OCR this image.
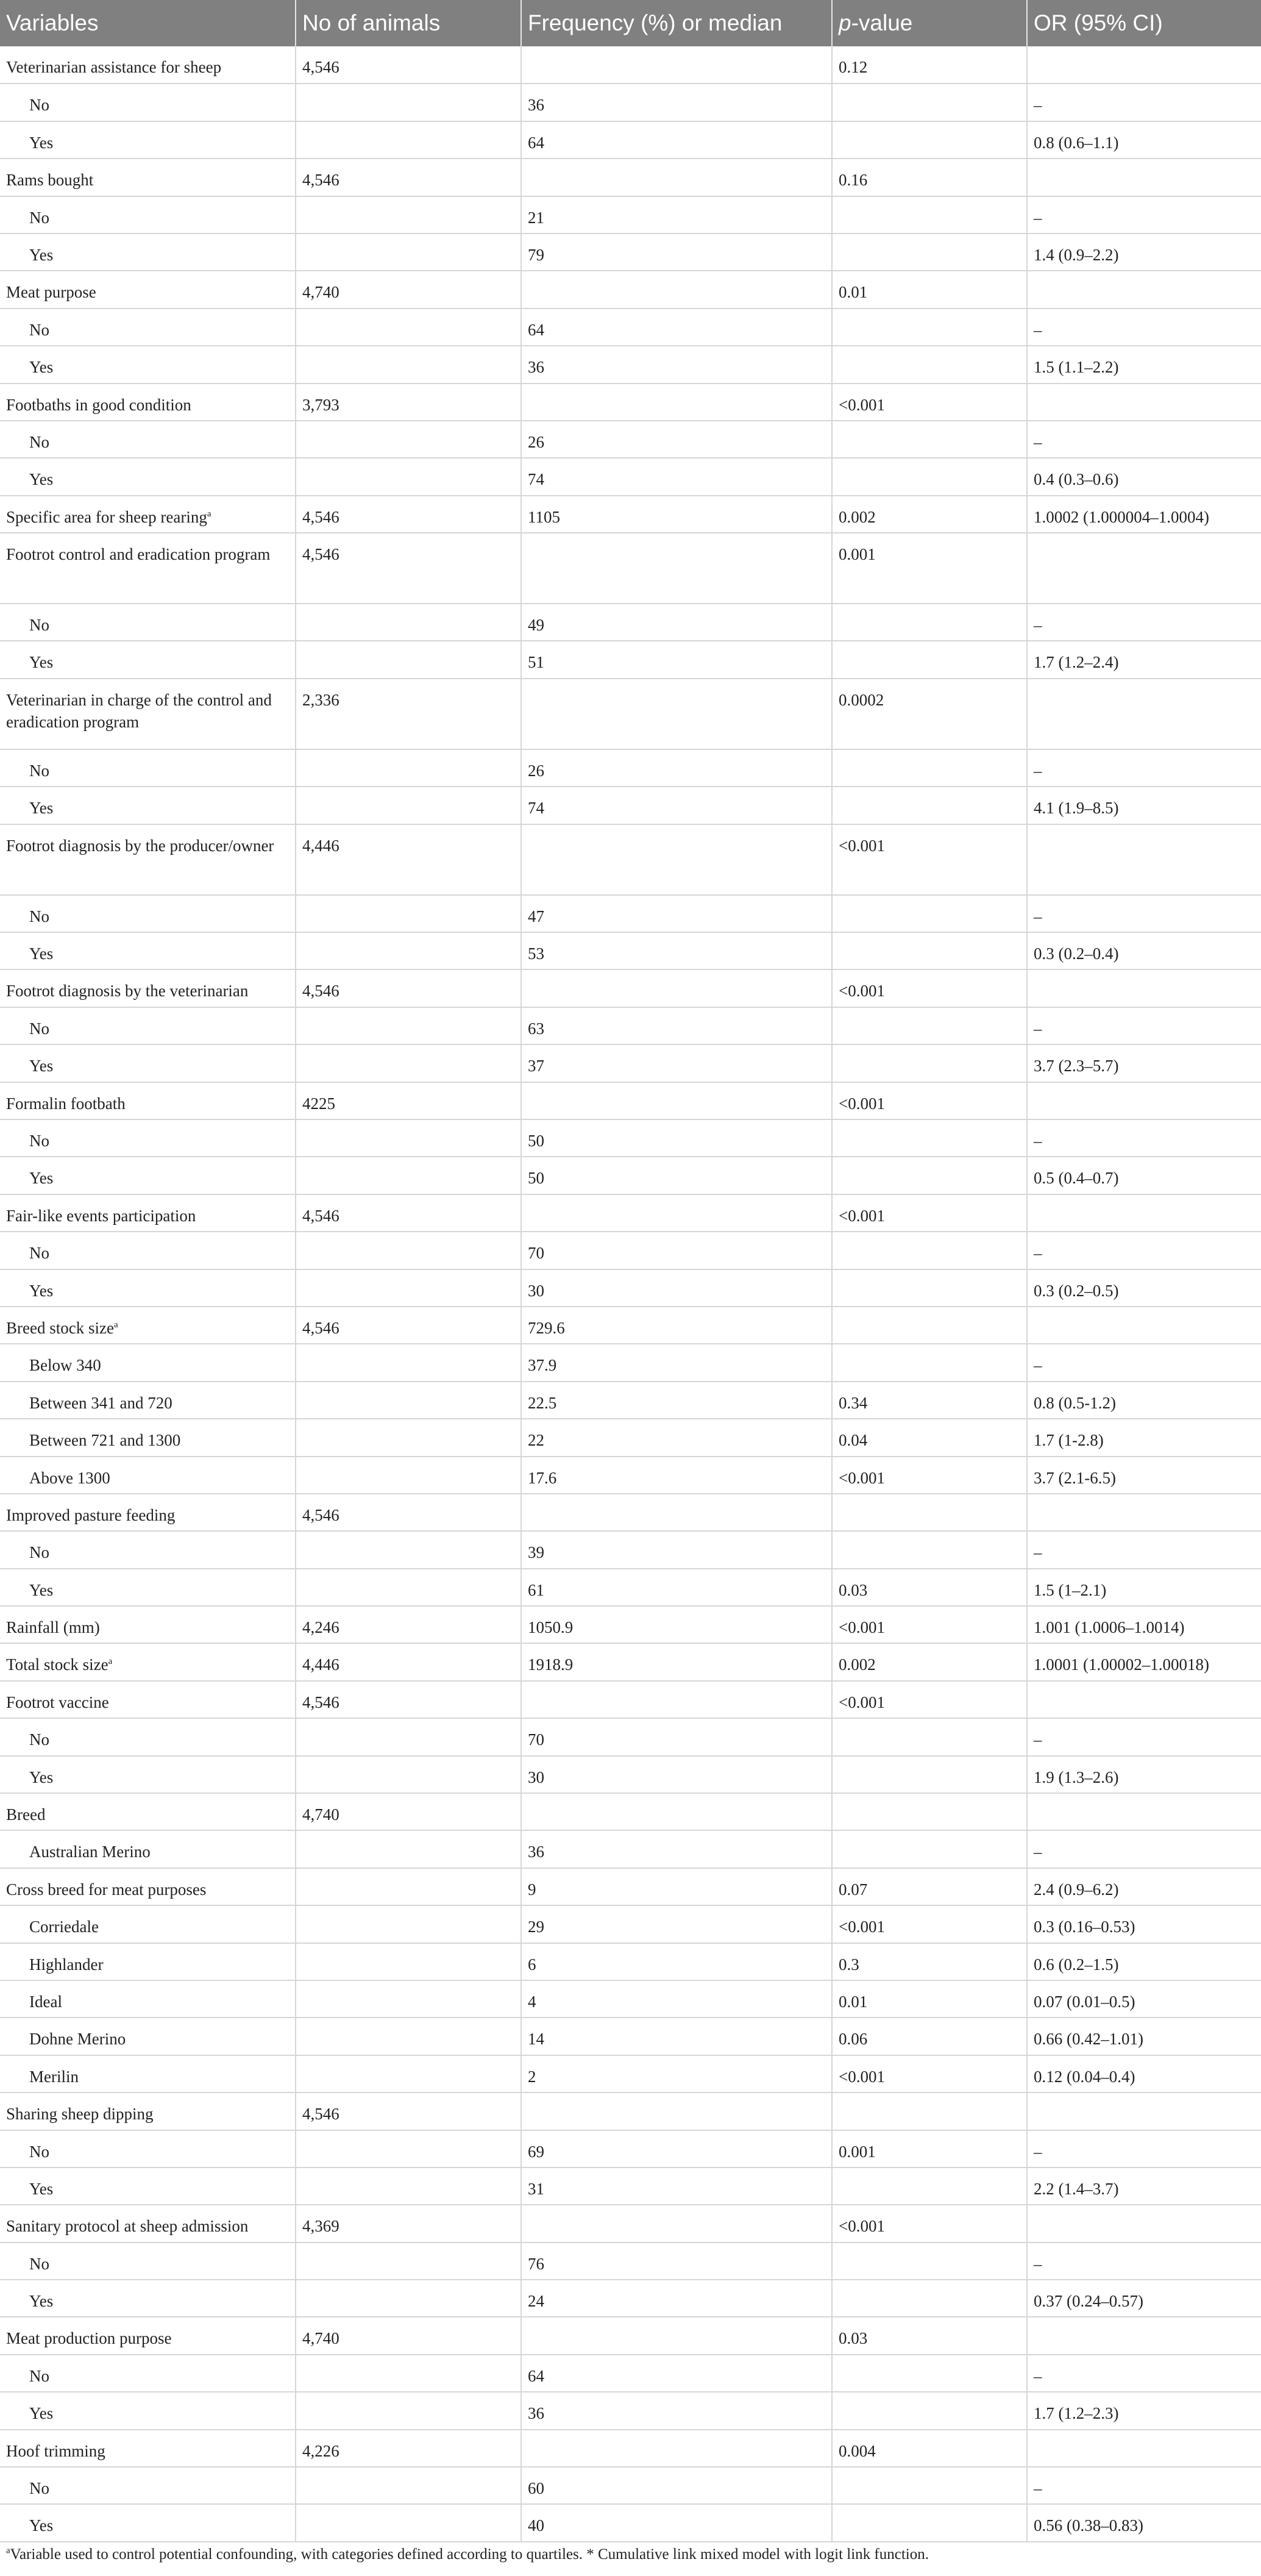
Variables	No of animals	Frequency (%) or median	p-value	OR (95% CI)
Veterinarian assistance for sheep	4,546		0.12	
No		36		–
Yes		64		0.8 (0.6–1.1)
Rams bought	4,546		0.16	
No		21		–
Yes		79		1.4 (0.9–2.2)
Meat purpose	4,740		0.01	
No		64		–
Yes		36		1.5 (1.1–2.2)
Footbaths in good condition	3,793		<0.001	
No		26		–
Yes		74		0.4 (0.3–0.6)
Specific area for sheep rearing$^a$	4,546	1105	0.002	1.0002 (1.000004–1.0004)
Footrot control and eradication program	4,546		0.001	
No		49		–
Yes		51		1.7 (1.2–2.4)
Veterinarian in charge of the control and eradication program	2,336		0.0002	
No		26		–
Yes		74		4.1 (1.9–8.5)
Footrot diagnosis by the producer/owner	4,446		<0.001	
No		47		–
Yes		53		0.3 (0.2–0.4)
Footrot diagnosis by the veterinarian	4,546		<0.001	
No		63		–
Yes		37		3.7 (2.3–5.7)
Formalin footbath	4225		<0.001	
No		50		–
Yes		50		0.5 (0.4–0.7)
Fair-like events participation	4,546		<0.001	
No		70		–
Yes		30		0.3 (0.2–0.5)
Breed stock size$^a$	4,546	729.6		
Below 340		37.9		–
Between 341 and 720		22.5	0.34	0.8 (0.5-1.2)
Between 721 and 1300		22	0.04	1.7 (1-2.8)
Above 1300		17.6	<0.001	3.7 (2.1-6.5)
Improved pasture feeding	4,546			
No		39		–
Yes		61	0.03	1.5 (1–2.1)
Rainfall (mm)	4,246	1050.9	<0.001	1.001 (1.0006–1.0014)
Total stock size$^a$	4,446	1918.9	0.002	1.0001 (1.00002–1.00018)
Footrot vaccine	4,546		<0.001	
No		70		–
Yes		30		1.9 (1.3–2.6)
Breed	4,740			
Australian Merino		36		–
Cross breed for meat purposes		9	0.07	2.4 (0.9–6.2)
Corriedale		29	<0.001	0.3 (0.16–0.53)
Highlander		6	0.3	0.6 (0.2–1.5)
Ideal		4	0.01	0.07 (0.01–0.5)
Dohne Merino		14	0.06	0.66 (0.42–1.01)
Merilin		2	<0.001	0.12 (0.04–0.4)
Sharing sheep dipping	4,546			
No		69	0.001	–
Yes		31		2.2 (1.4–3.7)
Sanitary protocol at sheep admission	4,369		<0.001	
No		76		–
Yes		24		0.37 (0.24–0.57)
Meat production purpose	4,740		0.03	
No		64		–
Yes		36		1.7 (1.2–2.3)
Hoof trimming	4,226		0.004	
No		60		–
Yes		40		0.56 (0.38–0.83)
$^a$Variable used to control potential confounding, with categories defined according to quartiles. * Cumulative link mixed model with logit link function.
